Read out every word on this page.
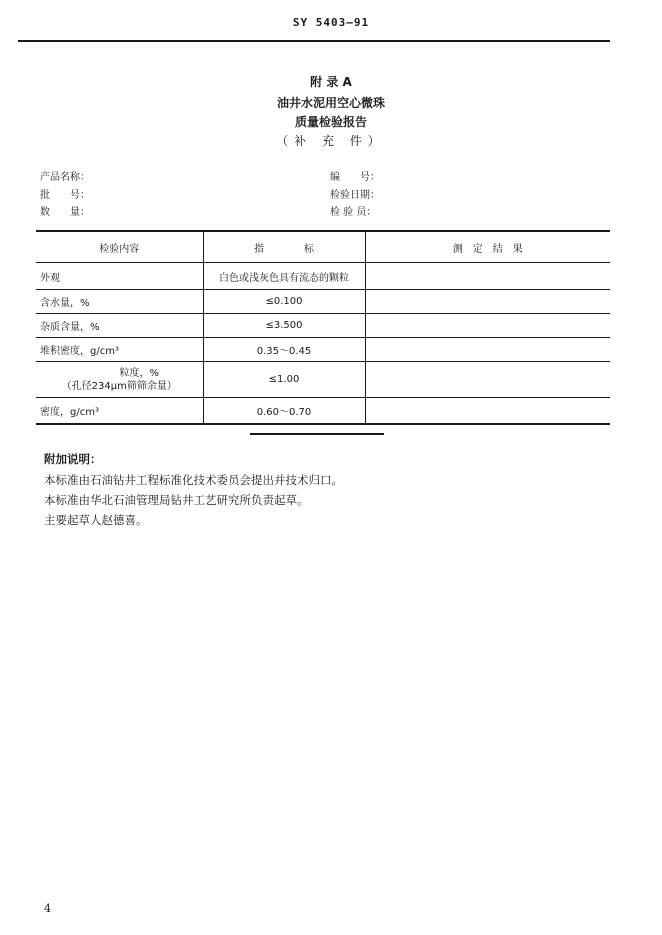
SY 5403—91
附 录 A
油井水泥用空心微珠
质量检验报告
（补 充 件）
产品名称：
批　　号：
数　　量：
编　　号：
检验日期：
检 验 员：
检验内容	指　　　　标	测　定　结　果
外观	白色或浅灰色具有流态的颗粒	
含水量，%	≤0.100	
杂质含量，%	≤3.500	
堆积密度，g/cm³	0.35～0.45	

粒度，%
（孔径234μm筛筛余量）	≤1.00	
密度，g/cm³	0.60～0.70	
附加说明：
本标准由石油钻井工程标准化技术委员会提出并技术归口。
本标准由华北石油管理局钻井工艺研究所负责起草。
主要起草人赵德喜。
4
